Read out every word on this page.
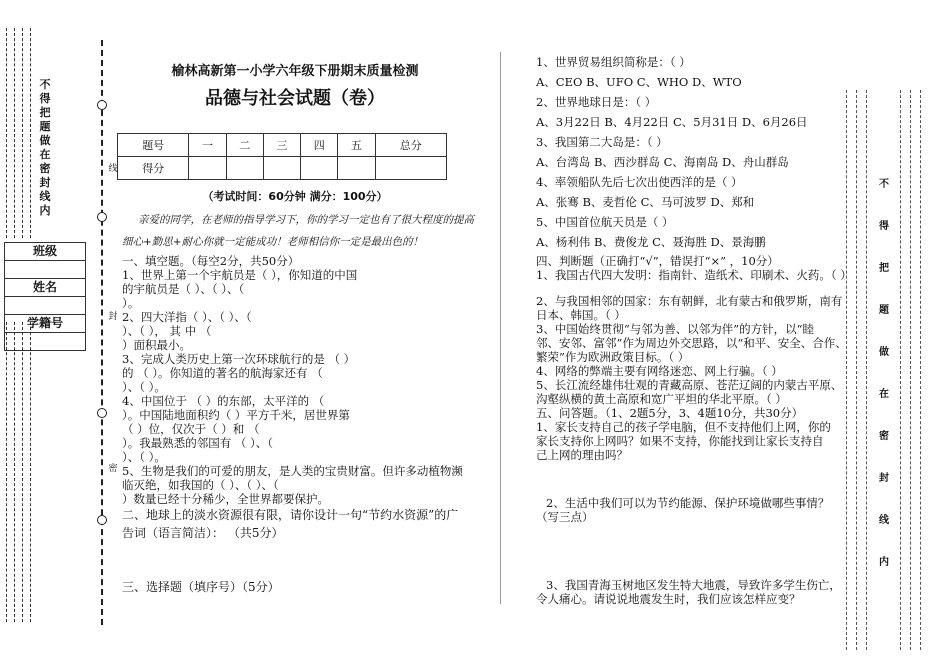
不得把题做在密封线内
线
封
密
班级
姓名
学籍号
榆林高新第一小学六年级下册期末质量检测
品德与社会试题（卷）
题号	一	二	三	四	五	总分
得分						
（考试时间：60分钟 满分：100分）
亲爱的同学，在老师的指导学习下，你的学习一定也有了很大程度的提高
细心+勤思+耐心你就一定能成功！老师相信你一定是最出色的！
一、填空题。（每空2分，共50分）
1、世界上第一个宇航员是（ ），你知道的中国
的宇航员是（ ）、（ ）、（
）。
2、四大洋指（ ）、（ ）、（
）、（ ）， 其 中 （
）面积最小。
3、完成人类历史上第一次环球航行的是 （ ）
的 （ ）。你知道的著名的航海家还有 （
）、（ ）。
4、中国位于 （ ）的东部，太平洋的 （
）。中国陆地面积约（ ）平方千米，居世界第
（ ）位，仅次于（ ）和 （
）。我最熟悉的邻国有 （ ）、（
）、（ ）。
5、生物是我们的可爱的朋友，是人类的宝贵财富。但许多动植物濒
临灭绝，如我国的（ ）、（ ）、（
）数量已经十分稀少，全世界都要保护。
二、地球上的淡水资源很有限，请你设计一句“节约水资源”的广
告词（语言简洁）： （共5分）
三、选择题（填序号）（5分）
1、世界贸易组织简称是：（ ）
A、CEO B、UFO C、WHO D、WTO
2、世界地球日是：（ ）
A、3月22日 B、4月22日 C、5月31日 D、6月26日
3、我国第二大岛是：（ ）
A、台湾岛 B、西沙群岛 C、海南岛 D、舟山群岛
4、率领船队先后七次出使西洋的是（ ）
A、张骞 B、麦哲伦 C、马可波罗 D、郑和
5、中国首位航天员是（ ）
A、杨利伟 B、费俊龙 C、聂海胜 D、景海鹏
四、判断题（正确打“√”，错误打“×” ，10分）
1、我国古代四大发明：指南针、造纸术、印刷术、火药。（ ）
2、与我国相邻的国家：东有朝鲜，北有蒙古和俄罗斯，南有
日本、韩国。（ ）
3、中国始终贯彻“与邻为善、以邻为伴”的方针，以“睦
邻、安邻、富邻”作为周边外交思路，以“和平、安全、合作、
繁荣”作为欧洲政策目标。（ ）
4、网络的弊端主要有网络迷恋、网上行骗。（ ）
5、长江流经雄伟壮观的青藏高原、苍茫辽阔的内蒙古平原、
沟壑纵横的黄土高原和宽广平坦的华北平原。（ ）
五、问答题。（1、2题5分，3、4题10分，共30分）
1、家长支持自己的孩子学电脑，但不支持他们上网，你的
家长支持你上网吗？如果不支持，你能找到让家长支持自
己上网的理由吗？
2、生活中我们可以为节约能源、保护环境做哪些事情？
（写三点）
3、我国青海玉树地区发生特大地震，导致许多学生伤亡，
令人痛心。请说说地震发生时，我们应该怎样应变？
不
得
把
题
做
在
密
封
线
内
